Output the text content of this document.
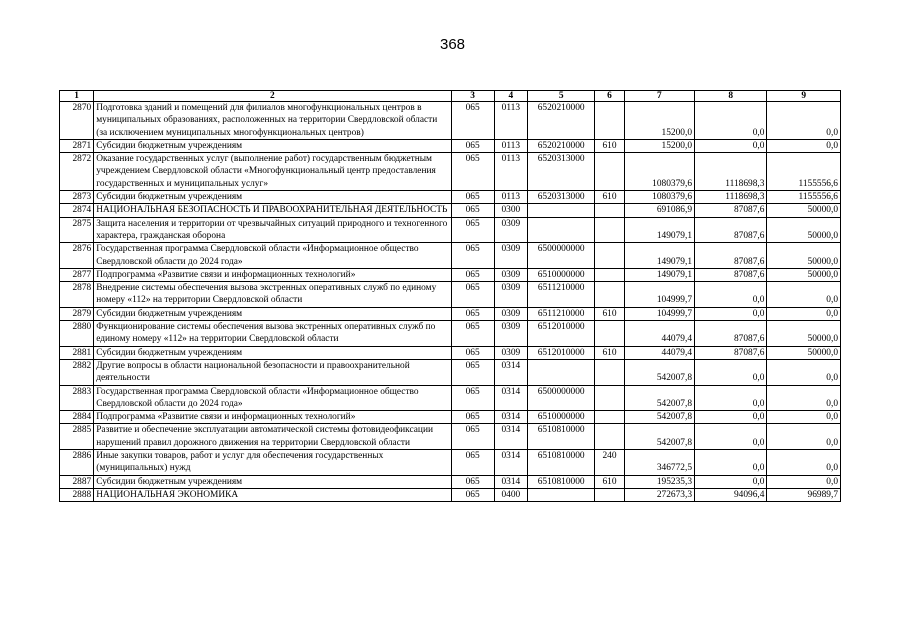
368
1	2	3	4	5	6	7	8	9
2870	Подготовка зданий и помещений для филиалов многофункциональных центров в муниципальных образованиях, расположенных на территории Свердловской области (за исключением муниципальных многофункциональных центров)	065	0113	6520210000		15200,0	0,0	0,0
2871	Субсидии бюджетным учреждениям	065	0113	6520210000	610	15200,0	0,0	0,0
2872	Оказание государственных услуг (выполнение работ) государственным бюджетным учреждением Свердловской области «Многофункциональный центр предоставления государственных и муниципальных услуг»	065	0113	6520313000		1080379,6	1118698,3	1155556,6
2873	Субсидии бюджетным учреждениям	065	0113	6520313000	610	1080379,6	1118698,3	1155556,6
2874	НАЦИОНАЛЬНАЯ БЕЗОПАСНОСТЬ И ПРАВООХРАНИТЕЛЬНАЯ ДЕЯТЕЛЬНОСТЬ	065	0300			691086,9	87087,6	50000,0
2875	Защита населения и территории от чрезвычайных ситуаций природного и техногенного характера, гражданская оборона	065	0309			149079,1	87087,6	50000,0
2876	Государственная программа Свердловской области «Информационное общество Свердловской области до 2024 года»	065	0309	6500000000		149079,1	87087,6	50000,0
2877	Подпрограмма «Развитие связи и информационных технологий»	065	0309	6510000000		149079,1	87087,6	50000,0
2878	Внедрение системы обеспечения вызова экстренных оперативных служб по единому номеру «112» на территории Свердловской области	065	0309	6511210000		104999,7	0,0	0,0
2879	Субсидии бюджетным учреждениям	065	0309	6511210000	610	104999,7	0,0	0,0
2880	Функционирование системы обеспечения вызова экстренных оперативных служб по единому номеру «112» на территории Свердловской области	065	0309	6512010000		44079,4	87087,6	50000,0
2881	Субсидии бюджетным учреждениям	065	0309	6512010000	610	44079,4	87087,6	50000,0
2882	Другие вопросы в области национальной безопасности и правоохранительной деятельности	065	0314			542007,8	0,0	0,0
2883	Государственная программа Свердловской области «Информационное общество Свердловской области до 2024 года»	065	0314	6500000000		542007,8	0,0	0,0
2884	Подпрограмма «Развитие связи и информационных технологий»	065	0314	6510000000		542007,8	0,0	0,0
2885	Развитие и обеспечение эксплуатации автоматической системы фотовидеофиксации нарушений правил дорожного движения на территории Свердловской области	065	0314	6510810000		542007,8	0,0	0,0
2886	Иные закупки товаров, работ и услуг для обеспечения государственных (муниципальных) нужд	065	0314	6510810000	240	346772,5	0,0	0,0
2887	Субсидии бюджетным учреждениям	065	0314	6510810000	610	195235,3	0,0	0,0
2888	НАЦИОНАЛЬНАЯ ЭКОНОМИКА	065	0400			272673,3	94096,4	96989,7
